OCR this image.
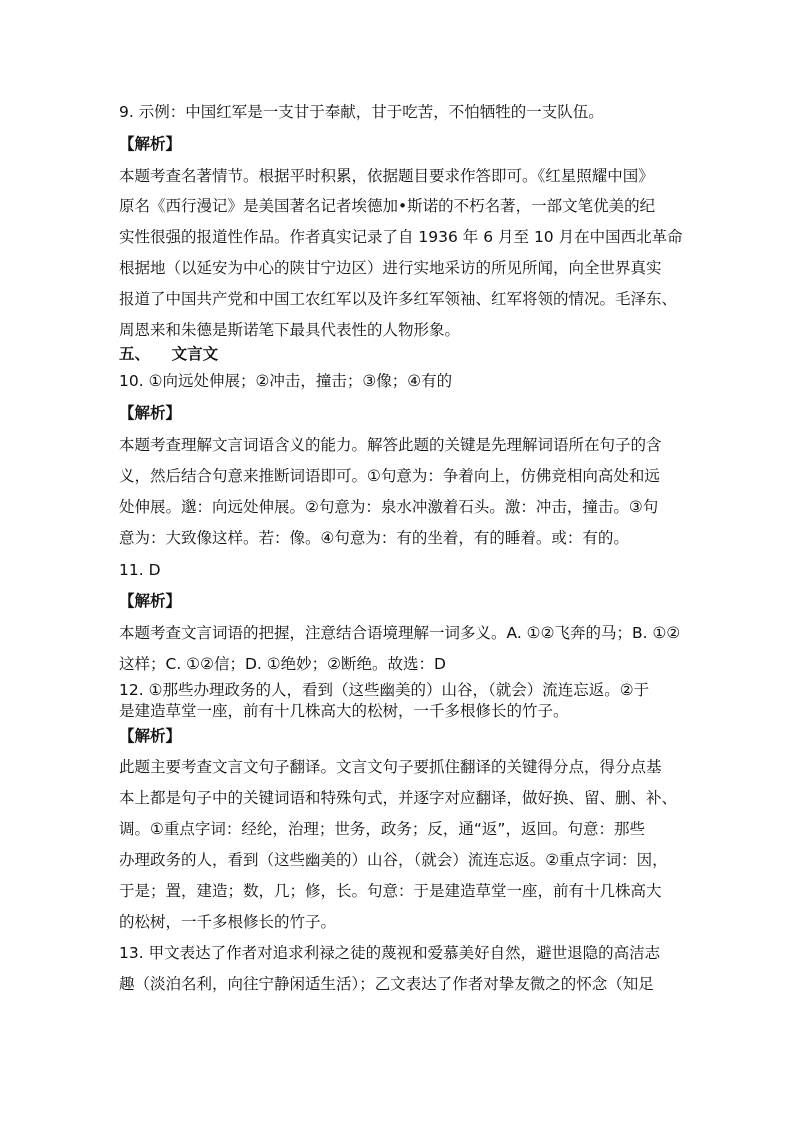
9. 示例：中国红军是一支甘于奉献，甘于吃苦，不怕牺牲的一支队伍。
【解析】
本题考查名著情节。根据平时积累，依据题目要求作答即可。《红星照耀中国》
原名《西行漫记》是美国著名记者埃德加•斯诺的不朽名著，一部文笔优美的纪
实性很强的报道性作品。作者真实记录了自 1936 年 6 月至 10 月在中国西北革命
根据地（以延安为中心的陕甘宁边区）进行实地采访的所见所闻，向全世界真实
报道了中国共产党和中国工农红军以及许多红军领袖、红军将领的情况。毛泽东、
周恩来和朱德是斯诺笔下最具代表性的人物形象。
五、    文言文
10. ①向远处伸展；②冲击，撞击；③像；④有的
【解析】
本题考查理解文言词语含义的能力。解答此题的关键是先理解词语所在句子的含
义，然后结合句意来推断词语即可。①句意为：争着向上，仿佛竞相向高处和远
处伸展。邈：向远处伸展。②句意为：泉水冲激着石头。激：冲击，撞击。③句
意为：大致像这样。若：像。④句意为：有的坐着，有的睡着。或：有的。
11. D
【解析】
本题考查文言词语的把握，注意结合语境理解一词多义。A. ①②飞奔的马；B. ①②
这样；C. ①②信；D. ①绝妙；②断绝。故选：D
12. ①那些办理政务的人，看到（这些幽美的）山谷，（就会）流连忘返。②于
是建造草堂一座，前有十几株高大的松树，一千多根修长的竹子。
【解析】
此题主要考查文言文句子翻译。文言文句子要抓住翻译的关键得分点，得分点基
本上都是句子中的关键词语和特殊句式，并逐字对应翻译，做好换、留、删、补、
调。①重点字词：经纶，治理；世务，政务；反，通“返”，返回。句意：那些
办理政务的人，看到（这些幽美的）山谷，（就会）流连忘返。②重点字词：因，
于是；置，建造；数，几；修，长。句意：于是建造草堂一座，前有十几株高大
的松树，一千多根修长的竹子。
13. 甲文表达了作者对追求利禄之徒的蔑视和爱慕美好自然，避世退隐的高洁志
趣（淡泊名利，向往宁静闲适生活）；乙文表达了作者对挚友微之的怀念（知足
